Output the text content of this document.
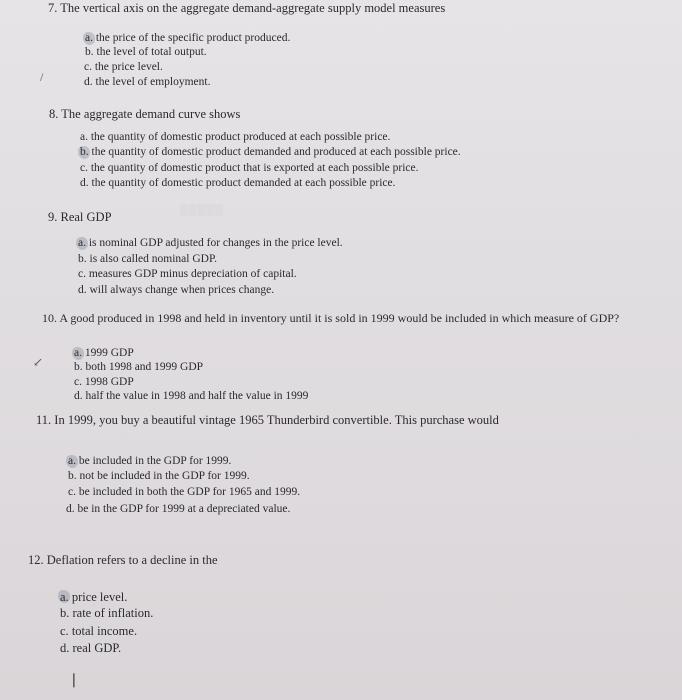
▒▒▒▒▒
7. The vertical axis on the aggregate demand-aggregate supply model measures
a. the price of the specific product produced.
b. the level of total output.
c. the price level.
d. the level of employment.
/
8. The aggregate demand curve shows
a. the quantity of domestic product produced at each possible price.
b. the quantity of domestic product demanded and produced at each possible price.
c. the quantity of domestic product that is exported at each possible price.
d. the quantity of domestic product demanded at each possible price.
9. Real GDP
a. is nominal GDP adjusted for changes in the price level.
b. is also called nominal GDP.
c. measures GDP minus depreciation of capital.
d. will always change when prices change.
10. A good produced in 1998 and held in inventory until it is sold in 1999 would be included in which measure of GDP?
a. 1999 GDP
b. both 1998 and 1999 GDP
c. 1998 GDP
d. half the value in 1998 and half the value in 1999
↙
11. In 1999, you buy a beautiful vintage 1965 Thunderbird convertible. This purchase would
a. be included in the GDP for 1999.
b. not be included in the GDP for 1999.
c. be included in both the GDP for 1965 and 1999.
d. be in the GDP for 1999 at a depreciated value.
12. Deflation refers to a decline in the
a. price level.
b. rate of inflation.
c. total income.
d. real GDP.
❘
